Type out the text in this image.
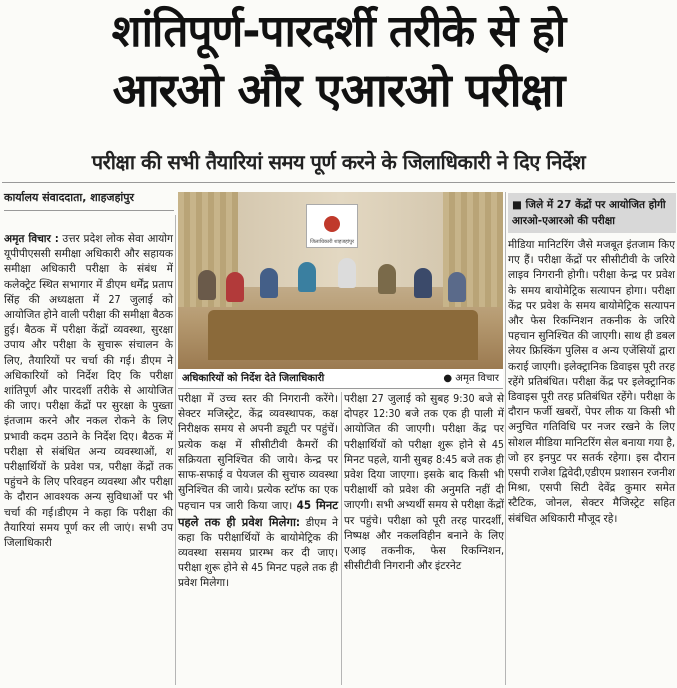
शांतिपूर्ण-पारदर्शी तरीके से हो
आरओ और एआरओ परीक्षा
परीक्षा की सभी तैयारियां समय पूर्ण करने के जिलाधिकारी ने दिए निर्देश
कार्यालय संवाददाता, शाहजहांपुर
जिलाधिकारी शाहजहांपुर
अधिकारियों को निर्देश देते जिलाधिकारी	● अमृत विचार
■ जिले में 27 केंद्रों पर आयोजित होगी आरओ-एआरओ की परीक्षा
अमृत विचार : उत्तर प्रदेश लोक सेवा आयोग यूपीपीएससी समीक्षा अधिकारी और सहायक समीक्षा अधिकारी परीक्षा के संबंध में कलेक्ट्रेट स्थित सभागार में डीएम धर्मेंद्र प्रताप सिंह की अध्यक्षता में 27 जुलाई को आयोजित होने वाली परीक्षा की समीक्षा बैठक हुई। बैठक में परीक्षा केंद्रों व्यवस्था, सुरक्षा उपाय और परीक्षा के सुचारू संचालन के लिए, तैयारियों पर चर्चा की गई। डीएम ने अधिकारियों को निर्देश दिए कि परीक्षा शांतिपूर्ण और पारदर्शी तरीके से आयोजित की जाए। परीक्षा केंद्रों पर सुरक्षा के पुख्ता इंतजाम करने और नकल रोकने के लिए प्रभावी कदम उठाने के निर्देश दिए। बैठक में परीक्षा से संबंधित अन्य व्यवस्थाओं, श परीक्षार्थियों के प्रवेश पत्र, परीक्षा केंद्रों तक पहुंचने के लिए परिवहन व्यवस्था और परीक्षा के दौरान आवश्यक अन्य सुविधाओं पर भी चर्चा की गई।डीएम ने कहा कि परीक्षा की तैयारियां समय पूर्ण कर ली जाएं। सभी उप जिलाधिकारी
परीक्षा में उच्च स्तर की निगरानी करेंगे। सेक्टर मजिस्ट्रेट, केंद्र व्यवस्थापक, कक्ष निरीक्षक समय से अपनी ड्यूटी पर पहुंचें। प्रत्येक कक्ष में सीसीटीवी कैमरों की सक्रियता सुनिश्चित की जाये। केन्द्र पर साफ-सफाई व पेयजल की सुचारु व्यवस्था सुनिश्चित की जाये। प्रत्येक स्टॉफ का एक पहचान पत्र जारी किया जाए। 45 मिनट पहले तक ही प्रवेश मिलेगा: डीएम ने कहा कि परीक्षार्थियों के बायोमेट्रिक की व्यवस्था ससमय प्रारम्भ कर दी जाए। परीक्षा शुरू होने से 45 मिनट पहले तक ही प्रवेश मिलेगा।
परीक्षा 27 जुलाई को सुबह 9:30 बजे से दोपहर 12:30 बजे तक एक ही पाली में आयोजित की जाएगी। परीक्षा केंद्र पर परीक्षार्थियों को परीक्षा शुरू होने से 45 मिनट पहले, यानी सुबह 8:45 बजे तक ही प्रवेश दिया जाएगा। इसके बाद किसी भी परीक्षार्थी को प्रवेश की अनुमति नहीं दी जाएगी। सभी अभ्यर्थी समय से परीक्षा केंद्रों पर पहुंचे। परीक्षा को पूरी तरह पारदर्शी, निष्पक्ष और नकलविहीन बनाने के लिए एआइ तकनीक, फेस रिकग्निशन, सीसीटीवी निगरानी और इंटरनेट
मीडिया मानिटरिंग जैसे मजबूत इंतजाम किए गए हैं। परीक्षा केंद्रों पर सीसीटीवी के जरिये लाइव निगरानी होगी। परीक्षा केन्द्र पर प्रवेश के समय बायोमेट्रिक सत्यापन होगा। परीक्षा केंद्र पर प्रवेश के समय बायोमेट्रिक सत्यापन और फेस रिकग्निशन तकनीक के जरिये पहचान सुनिश्चित की जाएगी। साथ ही डबल लेयर फ्रिस्किंग पुलिस व अन्य एजेंसियों द्वारा कराई जाएगी। इलेक्ट्रानिक डिवाइस पूरी तरह रहेंगे प्रतिबंधित। परीक्षा केंद्र पर इलेक्ट्रानिक डिवाइस पूरी तरह प्रतिबंधित रहेंगे। परीक्षा के दौरान फर्जी खबरों, पेपर लीक या किसी भी अनुचित गतिविधि पर नजर रखने के लिए सोशल मीडिया मानिटरिंग सेल बनाया गया है, जो हर इनपुट पर सतर्क रहेगा। इस दौरान एसपी राजेश द्विवेदी,एडीएम प्रशासन रजनीश मिश्रा, एसपी सिटी देवेंद्र कुमार समेत स्टैटिक, जोनल, सेक्टर मैजिस्ट्रेट सहित संबंधित अधिकारी मौजूद रहे।
